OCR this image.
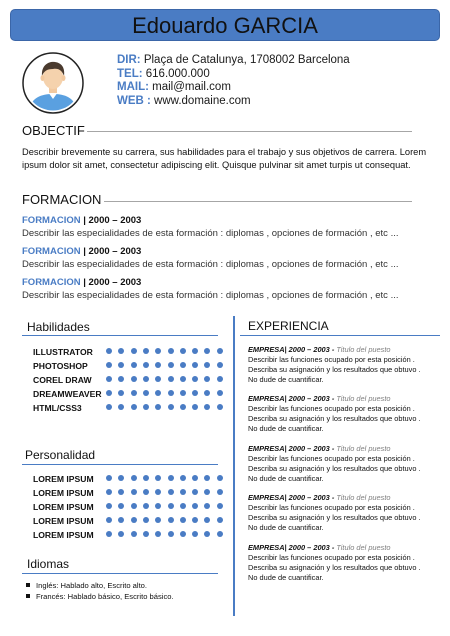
Edouardo GARCIA
DIR: Plaça de Catalunya, 1708002 Barcelona
TEL: 616.000.000
MAIL: mail@mail.com
WEB : www.domaine.com
OBJECTIF
Describir brevemente su carrera, sus habilidades para el trabajo y sus objetivos de carrera. Lorem ipsum dolor sit amet, consectetur adipiscing elit. Quisque pulvinar sit amet turpis ut consequat.
FORMACION
FORMACION | 2000 – 2003
Describir las especialidades de esta formación : diplomas , opciones de formación , etc ...
FORMACION | 2000 – 2003
Describir las especialidades de esta formación : diplomas , opciones de formación , etc ...
FORMACION | 2000 – 2003
Describir las especialidades de esta formación : diplomas , opciones de formación , etc ...
Habilidades
ILLUSTRATOR
PHOTOSHOP
COREL DRAW
DREAMWEAVER
HTML/CSS3
Personalidad
LOREM IPSUM
LOREM IPSUM
LOREM IPSUM
LOREM IPSUM
LOREM IPSUM
Idiomas
Inglés: Hablado alto, Escrito alto.
Francés: Hablado básico, Escrito básico.
EXPERIENCIA
EMPRESA| 2000 – 2003 - Titulo del puesto
Describir las funciones ocupado por esta posición .
Describa su asignación y los resultados que obtuvo .
No dude de cuantificar.
EMPRESA| 2000 – 2003 - Titulo del puesto
Describir las funciones ocupado por esta posición .
Describa su asignación y los resultados que obtuvo .
No dude de cuantificar.
EMPRESA| 2000 – 2003 - Titulo del puesto
Describir las funciones ocupado por esta posición .
Describa su asignación y los resultados que obtuvo .
No dude de cuantificar.
EMPRESA| 2000 – 2003 - Titulo del puesto
Describir las funciones ocupado por esta posición .
Describa su asignación y los resultados que obtuvo .
No dude de cuantificar.
EMPRESA| 2000 – 2003 - Titulo del puesto
Describir las funciones ocupado por esta posición .
Describa su asignación y los resultados que obtuvo .
No dude de cuantificar.
